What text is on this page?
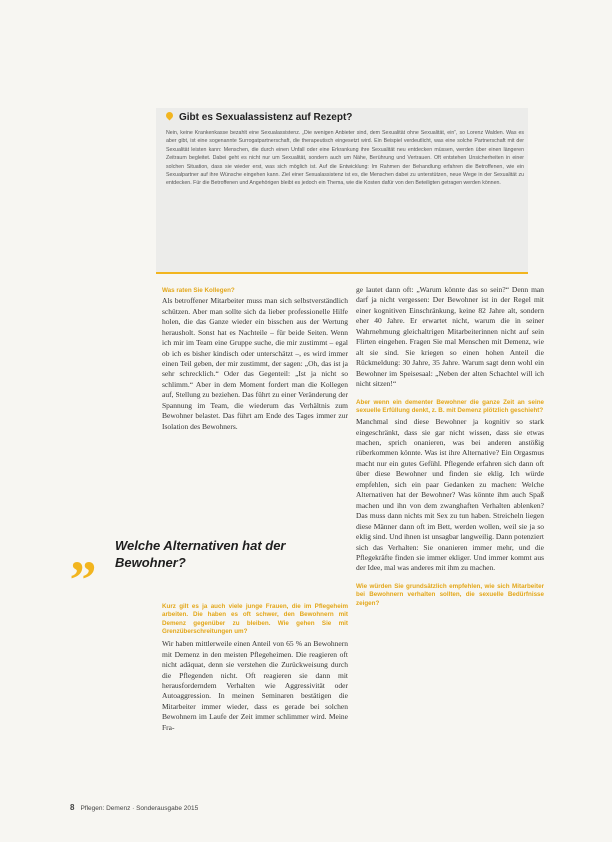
Gibt es Sexualassistenz auf Rezept?
Nein, keine Krankenkasse bezahlt eine Sexualassistenz. „Die wenigen Anbieter sind, dem Sexualität ohne Sexualität, ein“, so Lorenz Walden. Was es aber gibt, ist eine sogenannte Surrogatpartnerschaft, die therapeutisch eingesetzt wird. Ein Beispiel verdeutlicht, was eine solche Partnerschaft mit der Sexualität leisten kann: Menschen, die durch einen Unfall oder eine Erkrankung ihre Sexualität neu entdecken müssen, werden über einen längeren Zeitraum begleitet. Dabei geht es nicht nur um Sexualität, sondern auch um Nähe, Berührung und Vertrauen. Oft entstehen Unsicherheiten in einer solchen Situation, dass sie wieder erst, was sich möglich ist. Auf die Entwicklung: Im Rahmen der Behandlung erfahren die Betroffenen, wie ein Sexualpartner auf ihre Wünsche eingehen kann. Ziel einer Sexualassistenz ist es, die Menschen dabei zu unterstützen, neue Wege in der Sexualität zu entdecken. Für die Betroffenen und Angehörigen bleibt es jedoch ein Thema, wie die Kosten dafür von den Beteiligten getragen werden können.

Was raten Sie Kollegen?

Als betroffener Mitarbeiter muss man sich selbstverständlich schützen. Aber man sollte sich da lieber professionelle Hilfe holen, die das Ganze wieder ein bisschen aus der Wertung herausholt. Sonst hat es Nachteile – für beide Seiten. Wenn ich mir im Team eine Gruppe suche, die mir zustimmt – egal ob ich es bisher kindisch oder unterschätzt –, es wird immer einen Teil geben, der mir zustimmt, der sagen: „Oh, das ist ja sehr schrecklich.“ Oder das Gegenteil: „Ist ja nicht so schlimm.“ Aber in dem Moment fordert man die Kollegen auf, Stellung zu beziehen. Das führt zu einer Veränderung der Spannung im Team, die wiederum das Verhältnis zum Bewohner belastet. Das führt am Ende des Tages immer zur Isolation des Bewohners.

„ Welche Alternativen hat der Bewohner?

Kurz gilt es ja auch viele junge Frauen, die im Pflegeheim arbeiten. Die haben es oft schwer, den Bewohnern mit Demenz gegenüber zu bleiben. Wie gehen Sie mit Grenzüberschreitungen um?

Wir haben mittlerweile einen Anteil von 65 % an Bewohnern mit Demenz in den meisten Pflegeheimen. Die reagieren oft nicht adäquat, denn sie verstehen die Zurückweisung durch die Pflegenden nicht. Oft reagieren sie dann mit herausforderndem Verhalten wie Aggressivität oder Autoaggression. In meinen Seminaren bestätigen die Mitarbeiter immer wieder, dass es gerade bei solchen Bewohnern im Laufe der Zeit immer schlimmer wird. Meine Fra-

ge lautet dann oft: „Warum könnte das so sein?“ Denn man darf ja nicht vergessen: Der Bewohner ist in der Regel mit einer kognitiven Einschränkung, keine 82 Jahre alt, sondern eher 40 Jahre. Er erwartet nicht, warum die in seiner Wahrnehmung gleichaltrigen Mitarbeiterinnen nicht auf sein Flirten eingehen. Fragen Sie mal Menschen mit Demenz, wie alt sie sind. Sie kriegen so einen hohen Anteil die Rückmeldung: 30 Jahre, 35 Jahre. Warum sagt denn wohl ein Bewohner im Speisesaal: „Neben der alten Schachtel will ich nicht sitzen!“

Aber wenn ein dementer Bewohner die ganze Zeit an seine sexuelle Erfüllung denkt, z. B. mit Demenz plötzlich geschieht?

Manchmal sind diese Bewohner ja kognitiv so stark eingeschränkt, dass sie gar nicht wissen, dass sie etwas machen, sprich onanieren, was bei anderen anstößig rüberkommen könnte. Was ist ihre Alternative? Ein Orgasmus macht nur ein gutes Gefühl. Pflegende erfahren sich dann oft über diese Bewohner und finden sie eklig. Ich würde empfehlen, sich ein paar Gedanken zu machen: Welche Alternativen hat der Bewohner? Was könnte ihm auch Spaß machen und ihn von dem zwanghaften Verhalten ablenken? Das muss dann nichts mit Sex zu tun haben. Streicheln liegen diese Männer dann oft im Bett, werden wollen, weil sie ja so eklig sind. Und ihnen ist unsagbar langweilig. Dann potenziert sich das Verhalten: Sie onanieren immer mehr, und die Pflegekräfte finden sie immer ekliger. Und immer kommt aus der Idee, mal was anderes mit ihm zu machen.

Wie würden Sie grundsätzlich empfehlen, wie sich Mitarbeiter bei Bewohnern verhalten sollten, die sexuelle Bedürfnisse zeigen?

8 Pflegen: Demenz · Sonderausgabe 2015
